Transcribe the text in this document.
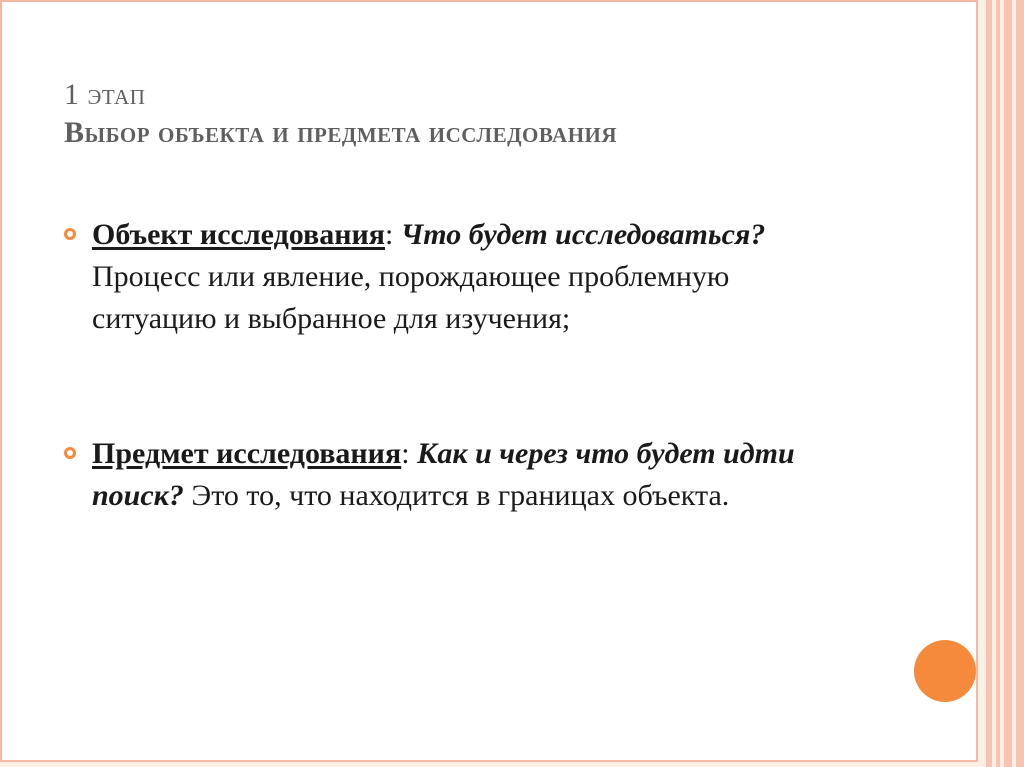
1 этап
Выбор объекта и предмета исследования
Объект исследования: Что будет исследоваться? Процесс или явление, порождающее проблемную ситуацию и выбранное для изучения;
Предмет исследования: Как и через что будет идти поиск? Это то, что находится в границах объекта.
